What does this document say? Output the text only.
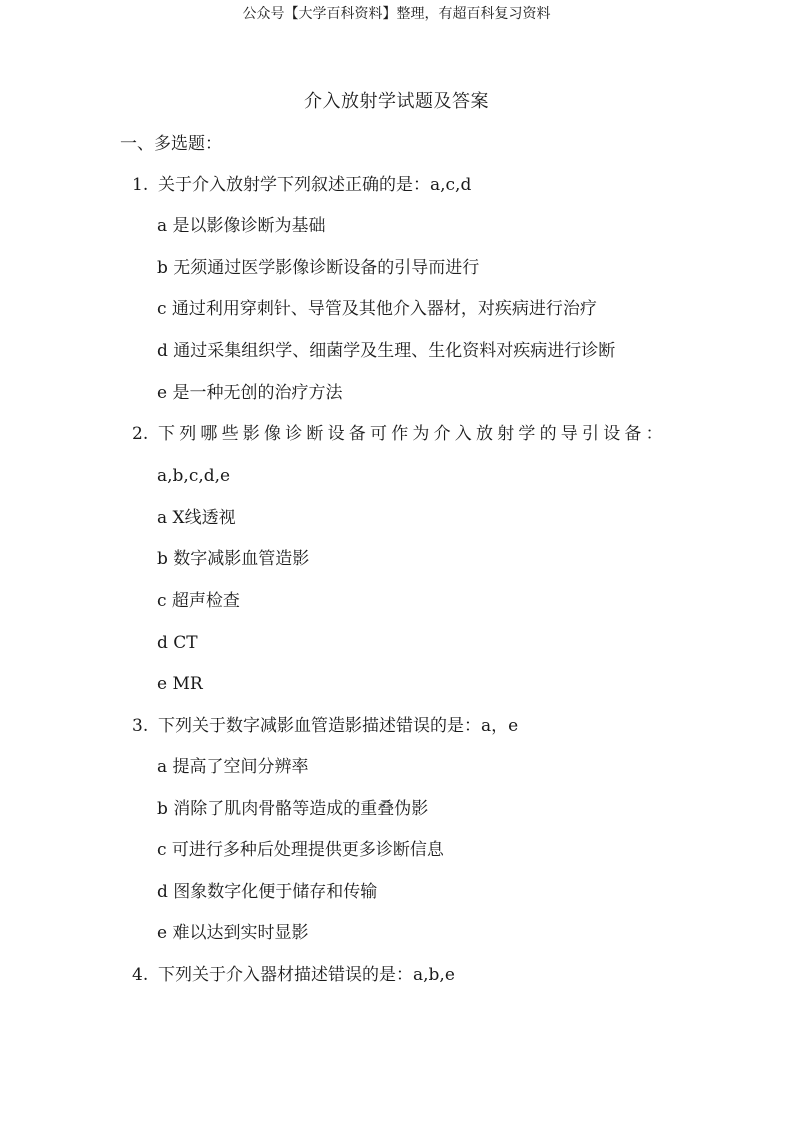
公众号【大学百科资料】整理，有超百科复习资料
介入放射学试题及答案
一、多选题：
1. 关于介入放射学下列叙述正确的是：a,c,d
a 是以影像诊断为基础
b 无须通过医学影像诊断设备的引导而进行
c 通过利用穿刺针、导管及其他介入器材，对疾病进行治疗
d 通过采集组织学、细菌学及生理、生化资料对疾病进行诊断
e 是一种无创的治疗方法
2. 下列哪些影像诊断设备可作为介入放射学的导引设备：
a,b,c,d,e
a X线透视
b 数字减影血管造影
c 超声检查
d CT
e MR
3. 下列关于数字减影血管造影描述错误的是：a，e
a 提高了空间分辨率
b 消除了肌肉骨骼等造成的重叠伪影
c 可进行多种后处理提供更多诊断信息
d 图象数字化便于储存和传输
e 难以达到实时显影
4. 下列关于介入器材描述错误的是：a,b,e
